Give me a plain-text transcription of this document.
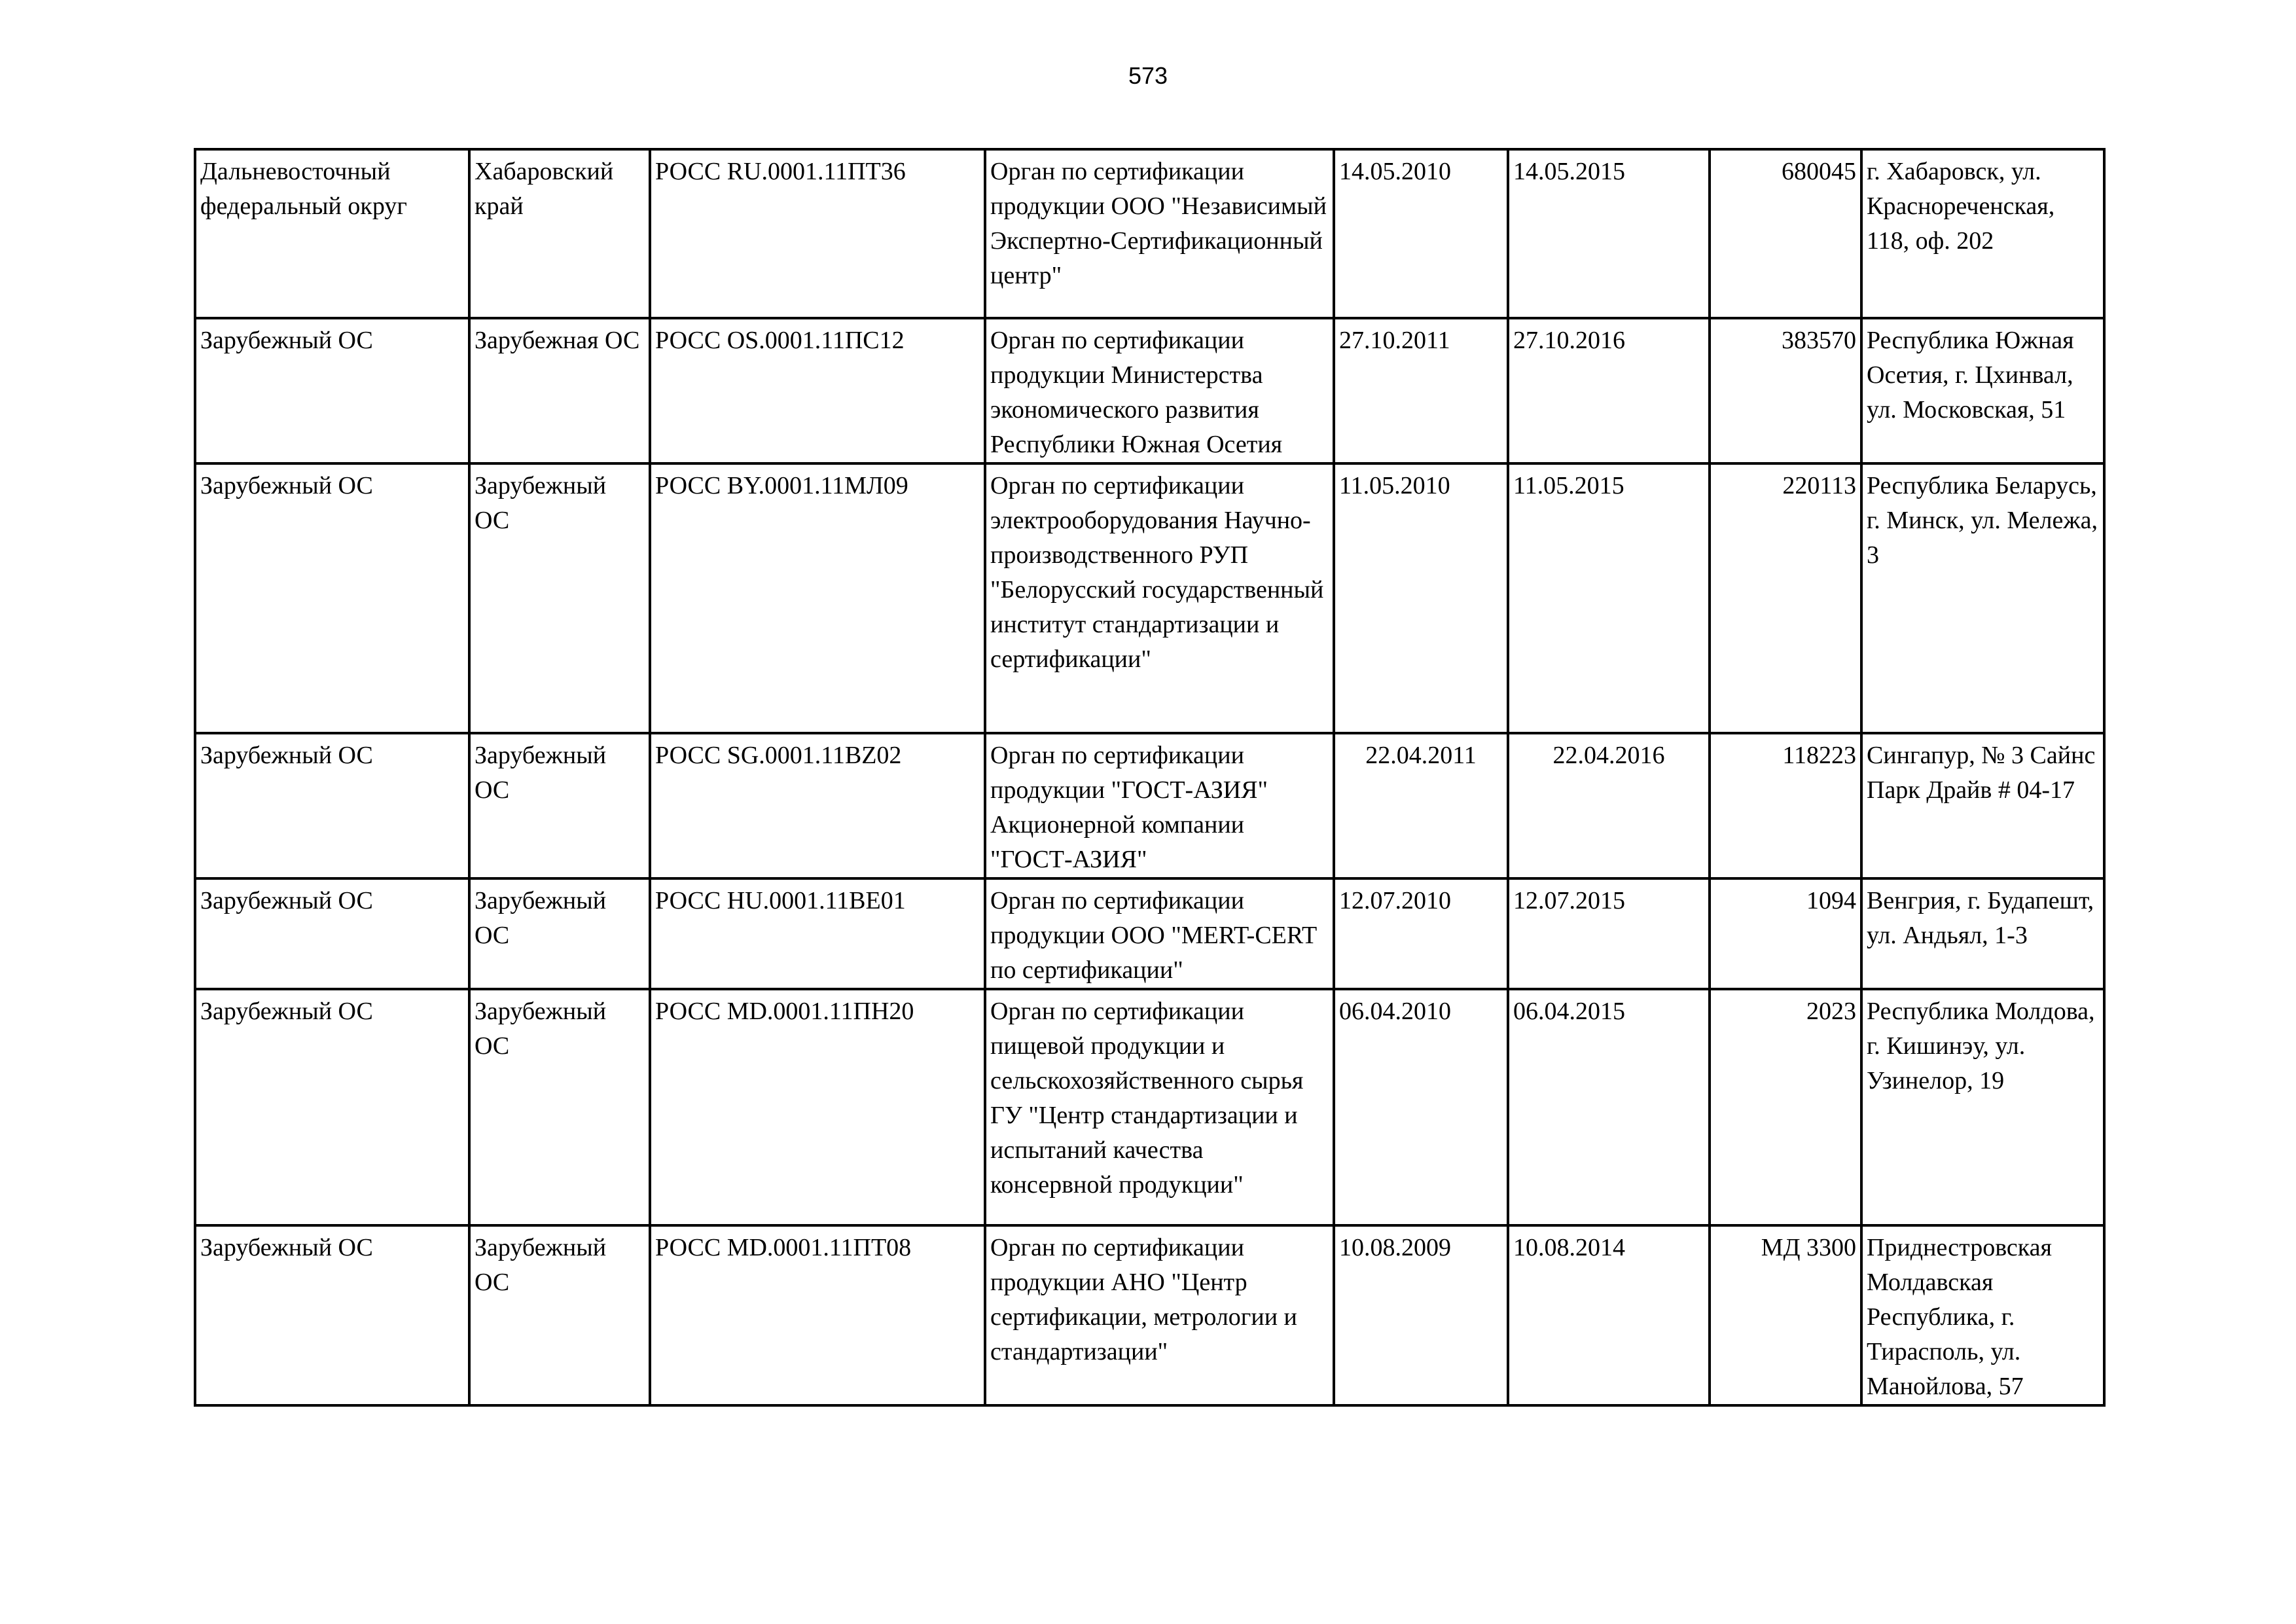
573
Дальневосточный федеральный округ	Хабаровский край	РОСС RU.0001.11ПТ36	Орган по сертификации продукции ООО "Независимый Экспертно-Сертификационный центр"	14.05.2010	14.05.2015	680045	г. Хабаровск, ул. Краснореченская, 118, оф. 202
Зарубежный ОС	Зарубежная ОС	РОСС OS.0001.11ПС12	Орган по сертификации продукции Министерства экономического развития Республики Южная Осетия	27.10.2011	27.10.2016	383570	Республика Южная Осетия, г. Цхинвал, ул. Московская, 51
Зарубежный ОС	Зарубежный ОС	РОСС BY.0001.11МЛ09	Орган по сертификации электрооборудования Научно-производственного РУП "Белорусский государственный институт стандартизации и сертификации"	11.05.2010	11.05.2015	220113	Республика Беларусь, г. Минск, ул. Мележа, 3
Зарубежный ОС	Зарубежный ОС	РОСС SG.0001.11BZ02	Орган по сертификации продукции "ГОСТ-АЗИЯ" Акционерной компании "ГОСТ-АЗИЯ"	22.04.2011	22.04.2016	118223	Сингапур, № 3 Сайнс Парк Драйв # 04-17
Зарубежный ОС	Зарубежный ОС	РОСС HU.0001.11BE01	Орган по сертификации продукции ООО "MERT-CERT по сертификации"	12.07.2010	12.07.2015	1094	Венгрия, г. Будапешт, ул. Андьял, 1-3
Зарубежный ОС	Зарубежный ОС	РОСС MD.0001.11ПН20	Орган по сертификации пищевой продукции и сельскохозяйственного сырья ГУ "Центр стандартизации и испытаний качества консервной продукции"	06.04.2010	06.04.2015	2023	Республика Молдова, г. Кишинэу, ул. Узинелор, 19
Зарубежный ОС	Зарубежный ОС	РОСС MD.0001.11ПТ08	Орган по сертификации продукции АНО "Центр сертификации, метрологии и стандартизации"	10.08.2009	10.08.2014	МД 3300	Приднестровская Молдавская Республика, г. Тирасполь, ул. Манойлова, 57
